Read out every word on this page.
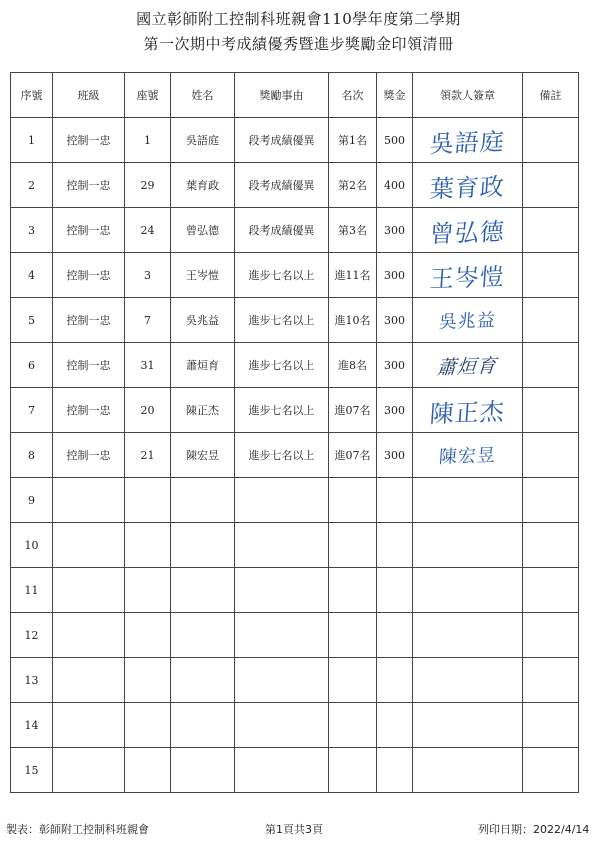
國立彰師附工控制科班親會110學年度第二學期
第一次期中考成績優秀暨進步獎勵金印領清冊
序號	班級	座號	姓名	獎勵事由	名次	獎金	領款人簽章	備註
1	控制一忠	1	吳語庭	段考成績優異	第1名	500	吳語庭	
2	控制一忠	29	葉育政	段考成績優異	第2名	400	葉育政	
3	控制一忠	24	曾弘德	段考成績優異	第3名	300	曾弘德	
4	控制一忠	3	王岑愷	進步七名以上	進11名	300	王岑愷	
5	控制一忠	7	吳兆益	進步七名以上	進10名	300	吳兆益	
6	控制一忠	31	蕭烜育	進步七名以上	進8名	300	蕭烜育	
7	控制一忠	20	陳正杰	進步七名以上	進07名	300	陳正杰	
8	控制一忠	21	陳宏昱	進步七名以上	進07名	300	陳宏昱	
9								
10								
11								
12								
13								
14								
15								
製表：彰師附工控制科班親會	第1頁共3頁	列印日期：2022/4/14
